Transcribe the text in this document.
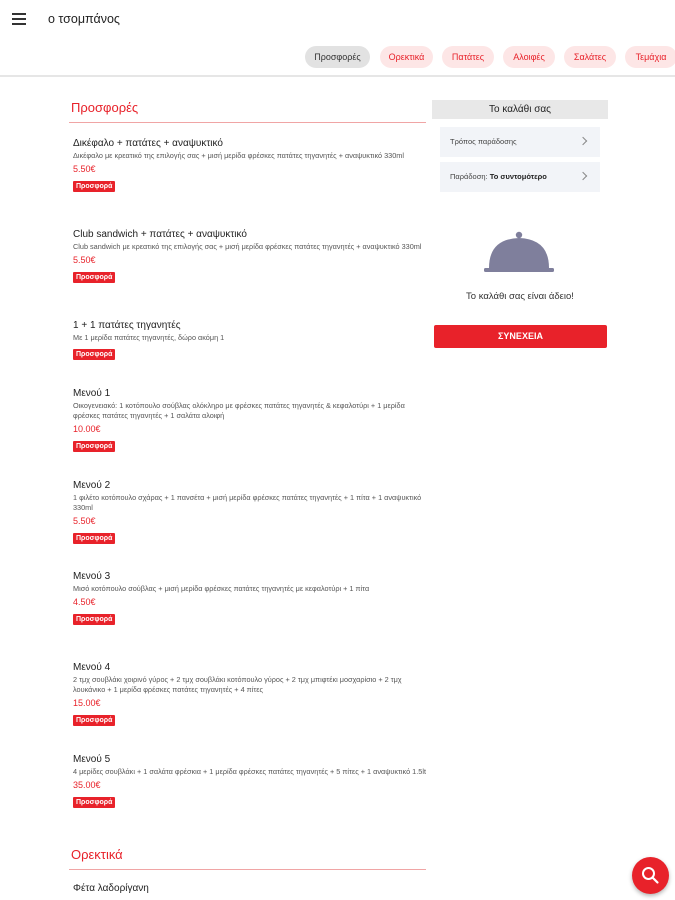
ο τσομπάνος
Προσφορές	Ορεκτικά	Πατάτες	Αλοιφές	Σαλάτες	Τεμάχια
Προσφορές
Δικέφαλο + πατάτες + αναψυκτικό
Δικέφαλο με κρεατικό της επιλογής σας + μισή μερίδα φρέσκες πατάτες τηγανητές + αναψυκτικό 330ml
5.50€
Προσφορά
Club sandwich + πατάτες + αναψυκτικό
Club sandwich με κρεατικό της επιλογής σας + μισή μερίδα φρέσκες πατάτες τηγανητές + αναψυκτικό 330ml
5.50€
Προσφορά
1 + 1 πατάτες τηγανητές
Με 1 μερίδα πατάτες τηγανητές, δώρο ακόμη 1
Προσφορά
Μενού 1
Οικογενειακό: 1 κοτόπουλο σούβλας ολόκληρο με φρέσκες πατάτες τηγανητές & κεφαλοτύρι + 1 μερίδα φρέσκες πατάτες τηγανητές + 1 σαλάτα αλοιφή
10.00€
Προσφορά
Μενού 2
1 φιλέτο κοτόπουλο σχάρας + 1 πανσέτα + μισή μερίδα φρέσκες πατάτες τηγανητές + 1 πίτα + 1 αναψυκτικό 330ml
5.50€
Προσφορά
Μενού 3
Μισό κοτόπουλο σούβλας + μισή μερίδα φρέσκες πατάτες τηγανητές με κεφαλοτύρι + 1 πίτα
4.50€
Προσφορά
Μενού 4
2 τμχ σουβλάκι χοιρινό γύρος + 2 τμχ σουβλάκι κοτόπουλο γύρος + 2 τμχ μπιφτέκι μοσχαρίσιο + 2 τμχ λουκάνικο + 1 μερίδα φρέσκες πατάτες τηγανητές + 4 πίτες
15.00€
Προσφορά
Μενού 5
4 μερίδες σουβλάκι + 1 σαλάτα φρέσκια + 1 μερίδα φρέσκες πατάτες τηγανητές + 5 πίτες + 1 αναψυκτικό 1.5lt
35.00€
Προσφορά
Ορεκτικά
Φέτα λαδορίγανη
Το καλάθι σας
Τρόπος παράδοσης
Παράδοση: Το συντομότερο
Το καλάθι σας είναι άδειο!
ΣΥΝΕΧΕΙΑ
